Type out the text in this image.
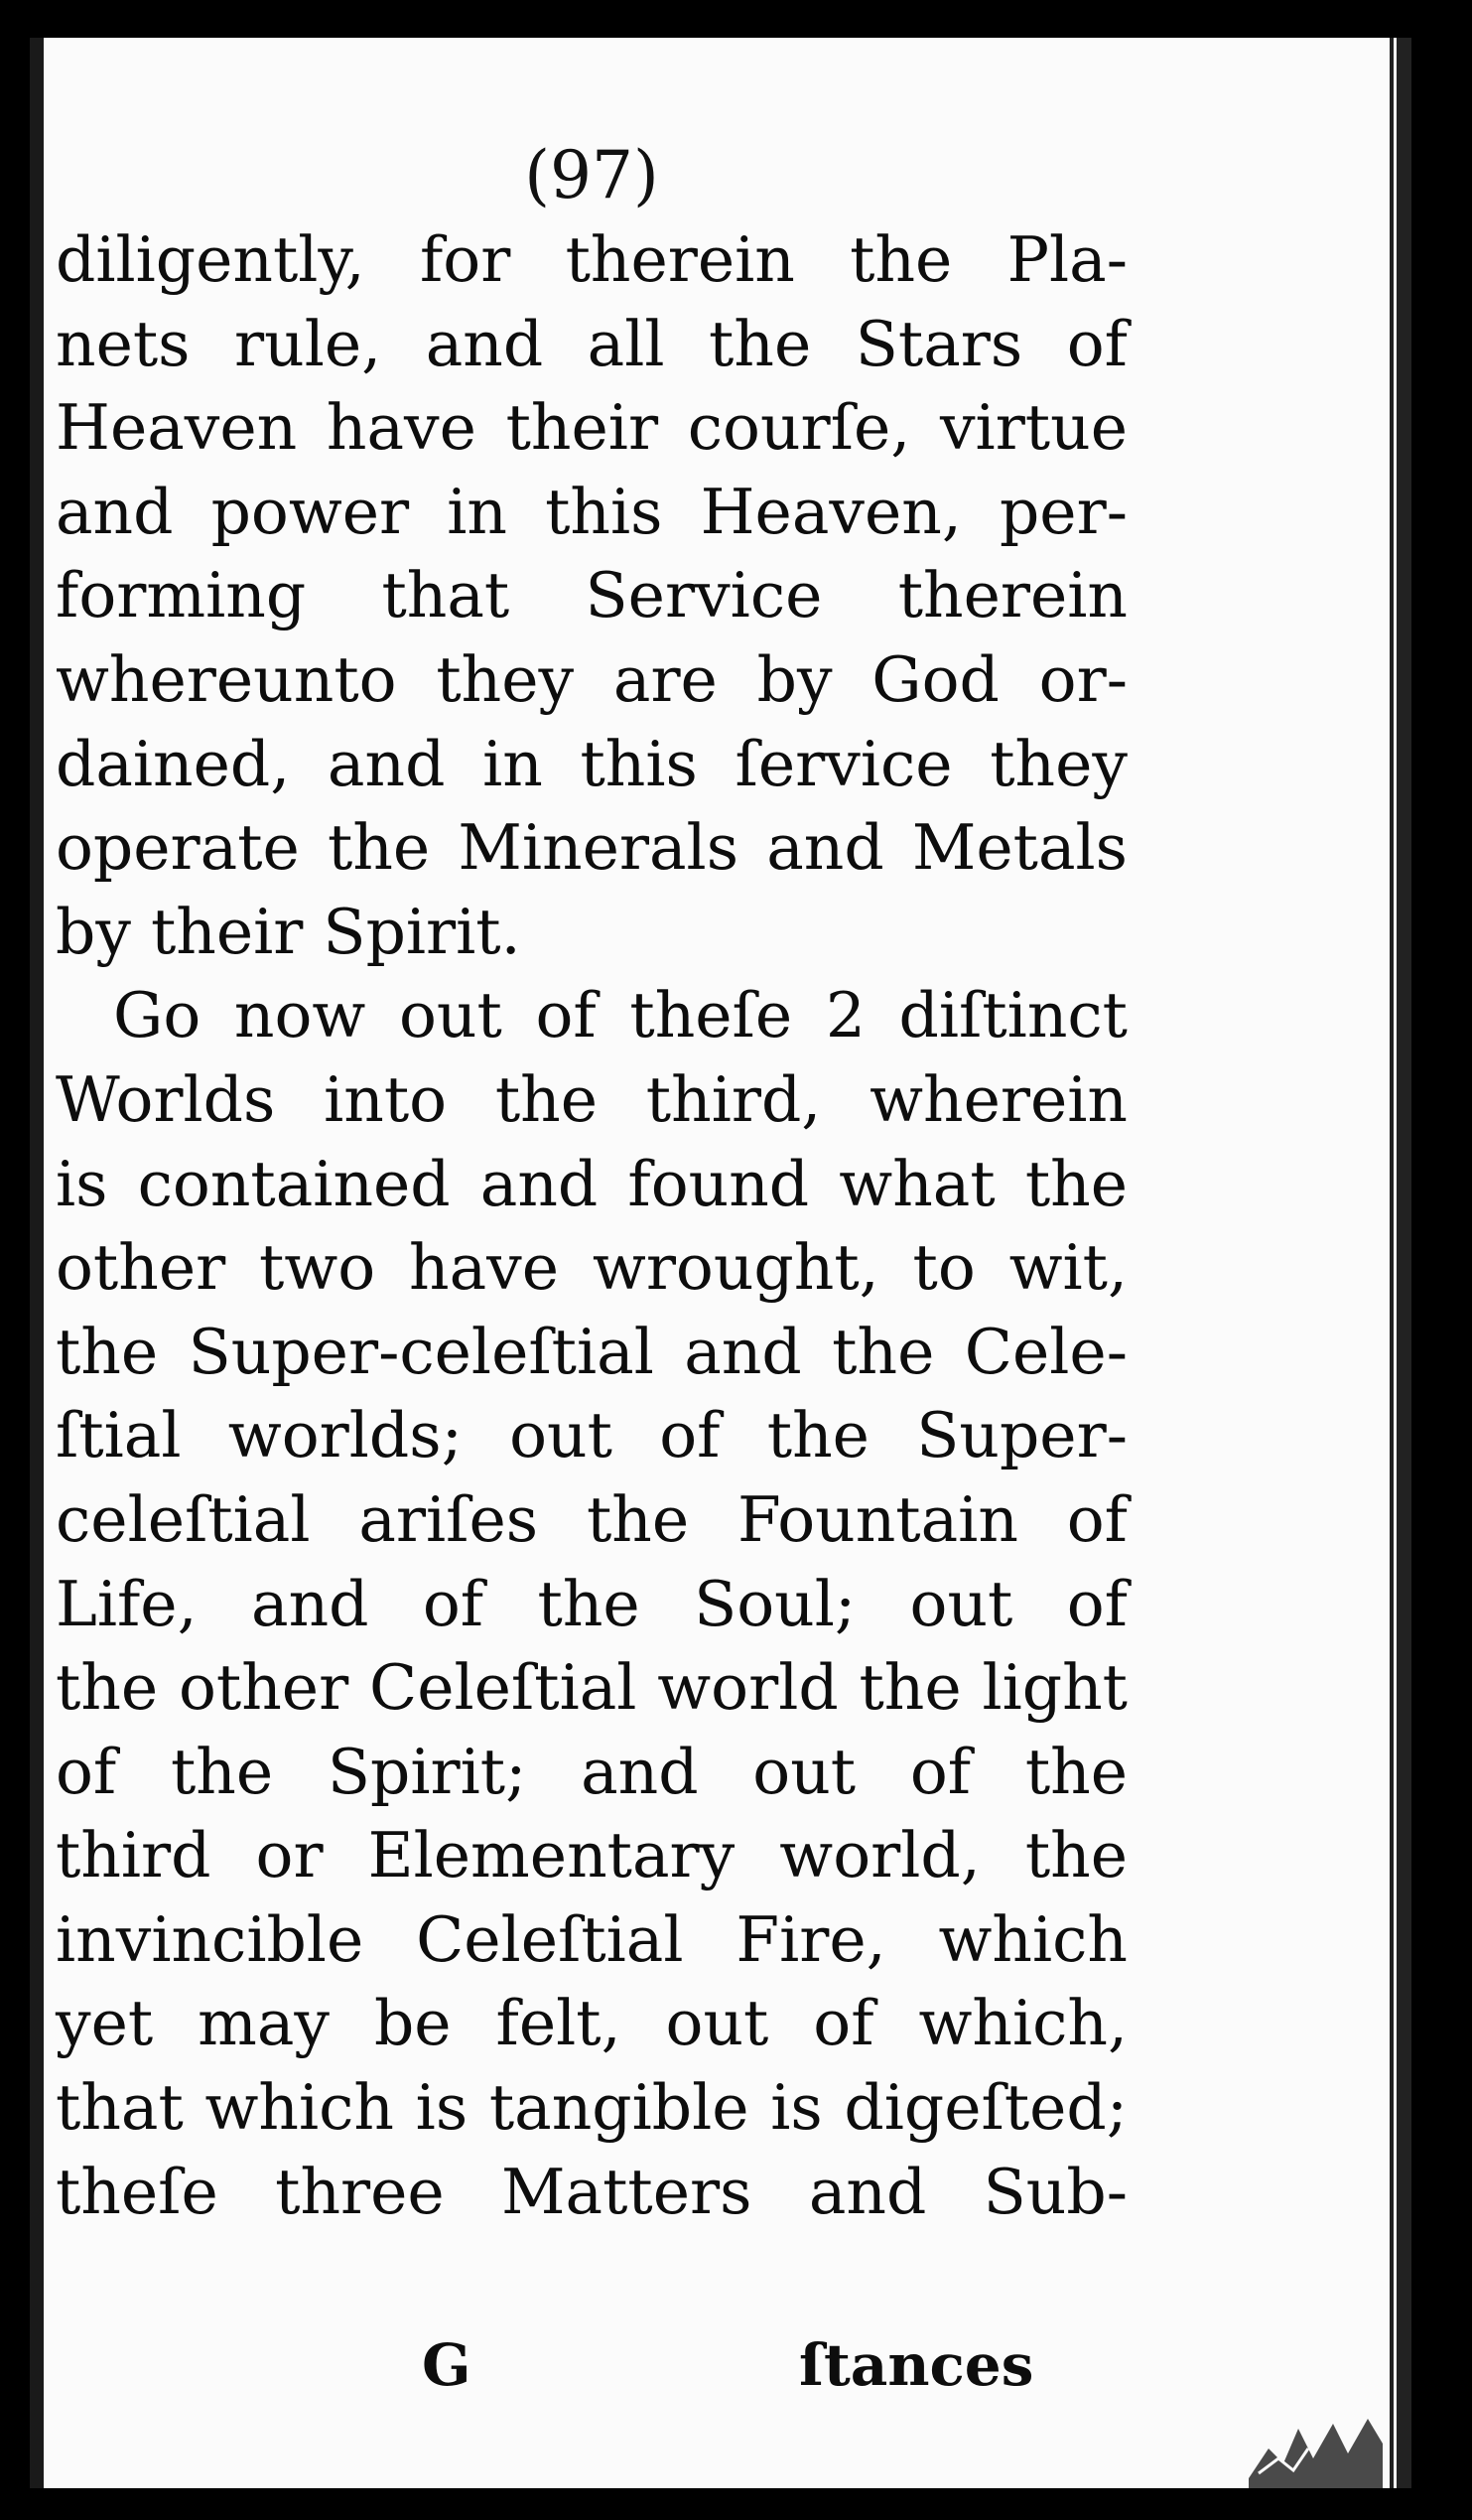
(97)
diligently, for therein the Pla-
nets rule, and all the Stars of
Heaven have their courſe, virtue
and power in this Heaven, per-
forming that Service therein
whereunto they are by God or-
dained, and in this ſervice they
operate the Minerals and Metals
by their Spirit.
Go now out of theſe 2 diſtinct
Worlds into the third, wherein
is contained and found what the
other two have wrought, to wit,
the Super-celeſtial and the Cele-
ſtial worlds; out of the Super-
celeſtial ariſes the Fountain of
Life, and of the Soul; out of
the other Celeſtial world the light
of the Spirit; and out of the
third or Elementary world, the
invincible Celeſtial Fire, which
yet may be felt, out of which,
that which is tangible is digeſted;
theſe three Matters and Sub-
G	ſtances
